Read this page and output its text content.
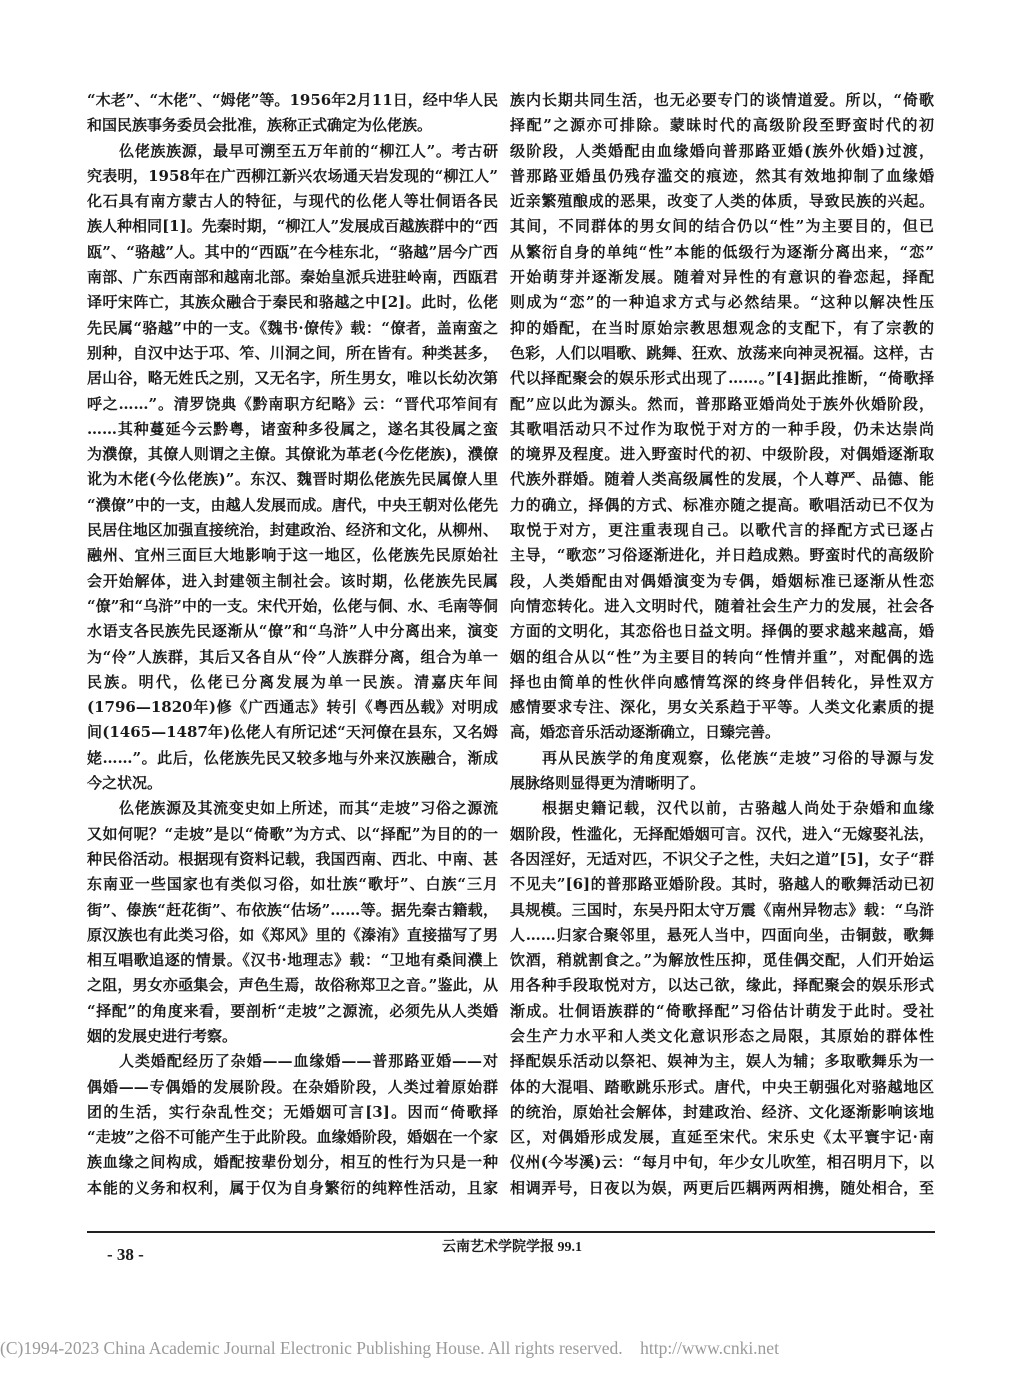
“木老”、“木佬”、“姆佬”等。1956年2月11日，经中华人民
和国民族事务委员会批准，族称正式确定为仫佬族。
仫佬族族源，最早可溯至五万年前的“柳江人”。考古研
究表明，1958年在广西柳江新兴农场通天岩发现的“柳江人”
化石具有南方蒙古人的特征，与现代的仫佬人等壮侗语各民
族人种相同[1]。先秦时期，“柳江人”发展成百越族群中的“西
瓯”、“骆越”人。其中的“西瓯”在今桂东北，“骆越”居今广西
南部、广东西南部和越南北部。秦始皇派兵进驻岭南，西瓯君
译吁宋阵亡，其族众融合于秦民和骆越之中[2]。此时，仫佬
先民属“骆越”中的一支。《魏书·僚传》载：“僚者，盖南蛮之
别种，自汉中达于邛、笮、川洞之间，所在皆有。种类甚多，
居山谷，略无姓氏之别，又无名字，所生男女，唯以长幼次第
呼之……”。清罗饶典《黔南职方纪略》云：“晋代邛笮间有
……其种蔓延今云黔粤，诸蛮种多役属之，遂名其役属之蛮
为濮僚，其僚人则谓之主僚。其僚讹为革老(今仡佬族)，濮僚
讹为木佬(今仫佬族)”。东汉、魏晋时期仫佬族先民属僚人里
“濮僚”中的一支，由越人发展而成。唐代，中央王朝对仫佬先
民居住地区加强直接统治，封建政治、经济和文化，从柳州、
融州、宜州三面巨大地影响于这一地区，仫佬族先民原始社
会开始解体，进入封建领主制社会。该时期，仫佬族先民属
“僚”和“乌浒”中的一支。宋代开始，仫佬与侗、水、毛南等侗
水语支各民族先民逐渐从“僚”和“乌浒”人中分离出来，演变
为“伶”人族群，其后又各自从“伶”人族群分离，组合为单一
民族。明代，仫佬已分离发展为单一民族。清嘉庆年间
(1796—1820年)修《广西通志》转引《粤西丛载》对明成
间(1465—1487年)仫佬人有所记述“天河僚在县东，又名姆
姥……”。此后，仫佬族先民又较多地与外来汉族融合，渐成
今之状况。
仫佬族源及其流变史如上所述，而其“走坡”习俗之源流
又如何呢？“走坡”是以“倚歌”为方式、以“择配”为目的的一
种民俗活动。根据现有资料记载，我国西南、西北、中南、甚
东南亚一些国家也有类似习俗，如壮族“歌圩”、白族“三月
街”、傣族“赶花街”、布依族“估场”……等。据先秦古籍载，
原汉族也有此类习俗，如《郑风》里的《溱洧》直接描写了男
相互唱歌追逐的情景。《汉书·地理志》载：“卫地有桑间濮上
之阻，男女亦亟集会，声色生焉，故俗称郑卫之音。”鉴此，从
“择配”的角度来看，要剖析“走坡”之源流，必须先从人类婚
姻的发展史进行考察。
人类婚配经历了杂婚——血缘婚——普那路亚婚——对
偶婚——专偶婚的发展阶段。在杂婚阶段，人类过着原始群
团的生活，实行杂乱性交；无婚姻可言[3]。因而“倚歌择
“走坡”之俗不可能产生于此阶段。血缘婚阶段，婚姻在一个家
族血缘之间构成，婚配按辈份划分，相互的性行为只是一种
本能的义务和权利，属于仅为自身繁衍的纯粹性活动，且家
族内长期共同生活，也无必要专门的谈情道爱。所以，“倚歌
择配”之源亦可排除。蒙昧时代的高级阶段至野蛮时代的初
级阶段，人类婚配由血缘婚向普那路亚婚(族外伙婚)过渡，
普那路亚婚虽仍残存滥交的痕迹，然其有效地抑制了血缘婚
近亲繁殖酿成的恶果，改变了人类的体质，导致民族的兴起。
其间，不同群体的男女间的结合仍以“性”为主要目的，但已
从繁衍自身的单纯“性”本能的低级行为逐渐分离出来，“恋”
开始萌芽并逐渐发展。随着对异性的有意识的眷恋起，择配
则成为“恋”的一种追求方式与必然结果。“这种以解决性压
抑的婚配，在当时原始宗教思想观念的支配下，有了宗教的
色彩，人们以唱歌、跳舞、狂欢、放荡来向神灵祝福。这样，古
代以择配聚会的娱乐形式出现了……。”[4]据此推断，“倚歌择
配”应以此为源头。然而，普那路亚婚尚处于族外伙婚阶段，
其歌唱活动只不过作为取悦于对方的一种手段，仍未达崇尚
的境界及程度。进入野蛮时代的初、中级阶段，对偶婚逐渐取
代族外群婚。随着人类高级属性的发展，个人尊严、品德、能
力的确立，择偶的方式、标准亦随之提高。歌唱活动已不仅为
取悦于对方，更注重表现自己。以歌代言的择配方式已逐占
主导，“歌恋”习俗逐渐进化，并日趋成熟。野蛮时代的高级阶
段，人类婚配由对偶婚演变为专偶，婚姻标准已逐渐从性恋
向情恋转化。进入文明时代，随着社会生产力的发展，社会各
方面的文明化，其恋俗也日益文明。择偶的要求越来越高，婚
姻的组合从以“性”为主要目的转向“性情并重”，对配偶的选
择也由简单的性伙伴向感情笃深的终身伴侣转化，异性双方
感情要求专注、深化，男女关系趋于平等。人类文化素质的提
高，婚恋音乐活动逐渐确立，日臻完善。
再从民族学的角度观察，仫佬族“走坡”习俗的导源与发
展脉络则显得更为清晰明了。
根据史籍记载，汉代以前，古骆越人尚处于杂婚和血缘
姻阶段，性滥化，无择配婚姻可言。汉代，进入“无嫁娶礼法，
各因淫好，无适对匹，不识父子之性，夫妇之道”[5]，女子“群
不见夫”[6]的普那路亚婚阶段。其时，骆越人的歌舞活动已初
具规模。三国时，东吴丹阳太守万震《南州异物志》载：“乌浒
人……归家合聚邻里，悬死人当中，四面向坐，击铜鼓，歌舞
饮酒，稍就割食之。”为解放性压抑，觅佳偶交配，人们开始运
用各种手段取悦对方，以达己欲，缘此，择配聚会的娱乐形式
渐成。壮侗语族群的“倚歌择配”习俗估计萌发于此时。受社
会生产力水平和人类文化意识形态之局限，其原始的群体性
择配娱乐活动以祭祀、娱神为主，娱人为辅；多取歌舞乐为一
体的大混唱、踏歌跳乐形式。唐代，中央王朝强化对骆越地区
的统治，原始社会解体，封建政治、经济、文化逐渐影响该地
区，对偶婚形成发展，直延至宋代。宋乐史《太平寰宇记·南
仪州(今岑溪)云：“每月中旬，年少女儿吹笙，相召明月下，以
相调弄号，日夜以为娱，两更后匹耦两两相携，随处相合，至
云南艺术学院学报 99.1
- 38 -
(C)1994-2023 China Academic Journal Electronic Publishing House. All rights reserved.    http://www.cnki.net
